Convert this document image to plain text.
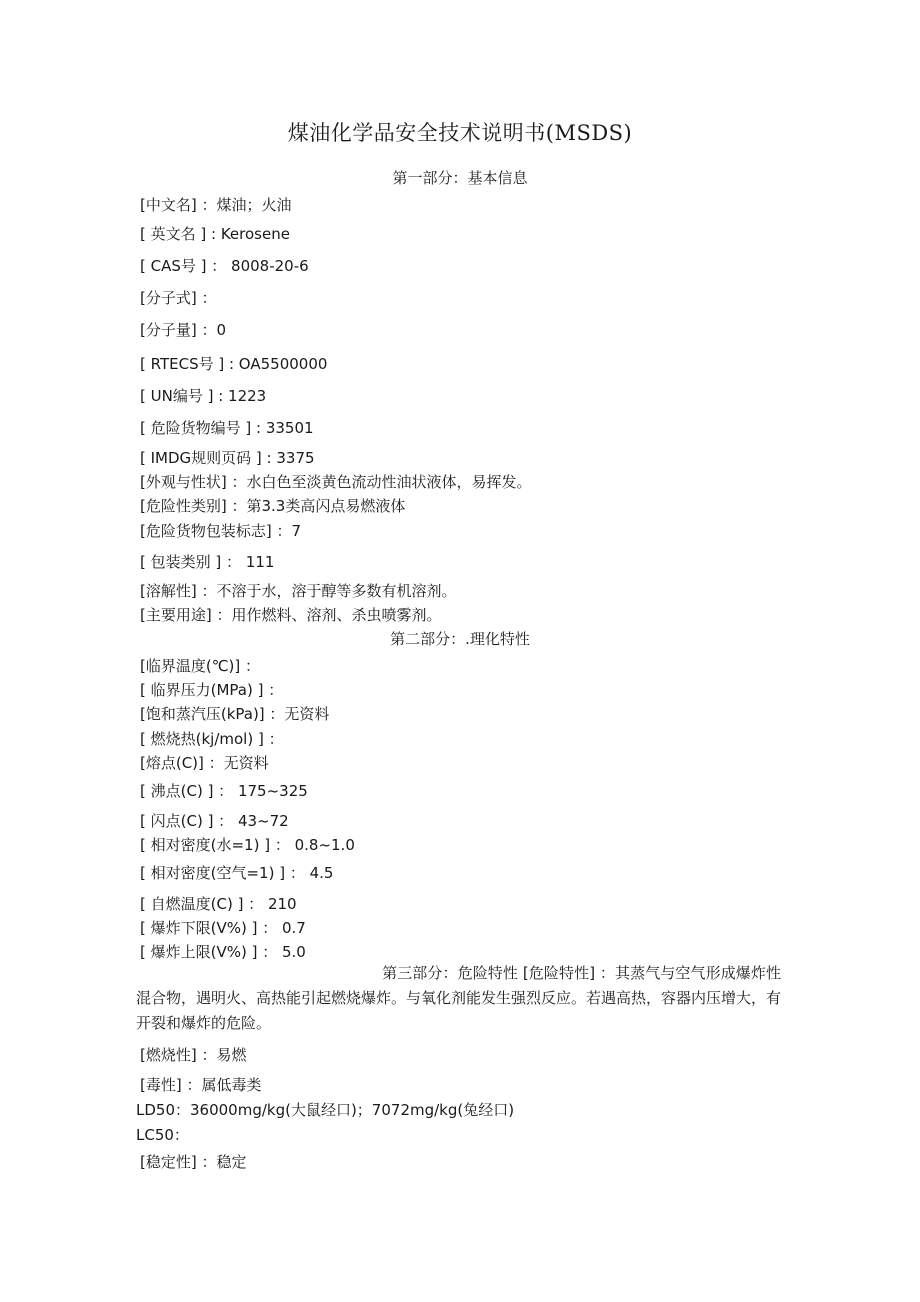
煤油化学品安全技术说明书(MSDS)
第一部分：基本信息
[中文名] ：煤油；火油
[ 英文名 ] : Kerosene
[ CAS号 ] ： 8008-20-6
[分子式] ：
[分子量] ：0
[ RTECS号 ] : OA5500000
[ UN编号 ] : 1223
[ 危险货物编号 ] : 33501
[ IMDG规则页码 ] : 3375
[外观与性状] ：水白色至淡黄色流动性油状液体，易挥发。
[危险性类别] ：第3.3类高闪点易燃液体
[危险货物包装标志] ：7
[ 包装类别 ] ： 111
[溶解性] ：不溶于水，溶于醇等多数有机溶剂。
[主要用途] ：用作燃料、溶剂、杀虫喷雾剂。
第二部分：.理化特性
[临界温度(℃)] ：
[ 临界压力(MPa) ] ：
[饱和蒸汽压(kPa)] ：无资料
[ 燃烧热(kj/mol) ] ：
[熔点(C)] ：无资料
[ 沸点(C) ] ： 175~325
[ 闪点(C) ] ： 43~72
[ 相对密度(水=1) ] ： 0.8~1.0
[ 相对密度(空气=1) ] ： 4.5
[ 自燃温度(C) ] ： 210
[ 爆炸下限(V%) ] ： 0.7
[ 爆炸上限(V%) ] ： 5.0
第三部分：危险特性 [危险特性] ：其蒸气与空气形成爆炸性混合物，遇明火、高热能引起燃烧爆炸。与氧化剂能发生强烈反应。若遇高热，容器内压增大，有开裂和爆炸的危险。
[燃烧性] ：易燃
[毒性] ：属低毒类
LD50：36000mg/kg(大鼠经口)；7072mg/kg(兔经口)
LC50：
[稳定性] ：稳定
